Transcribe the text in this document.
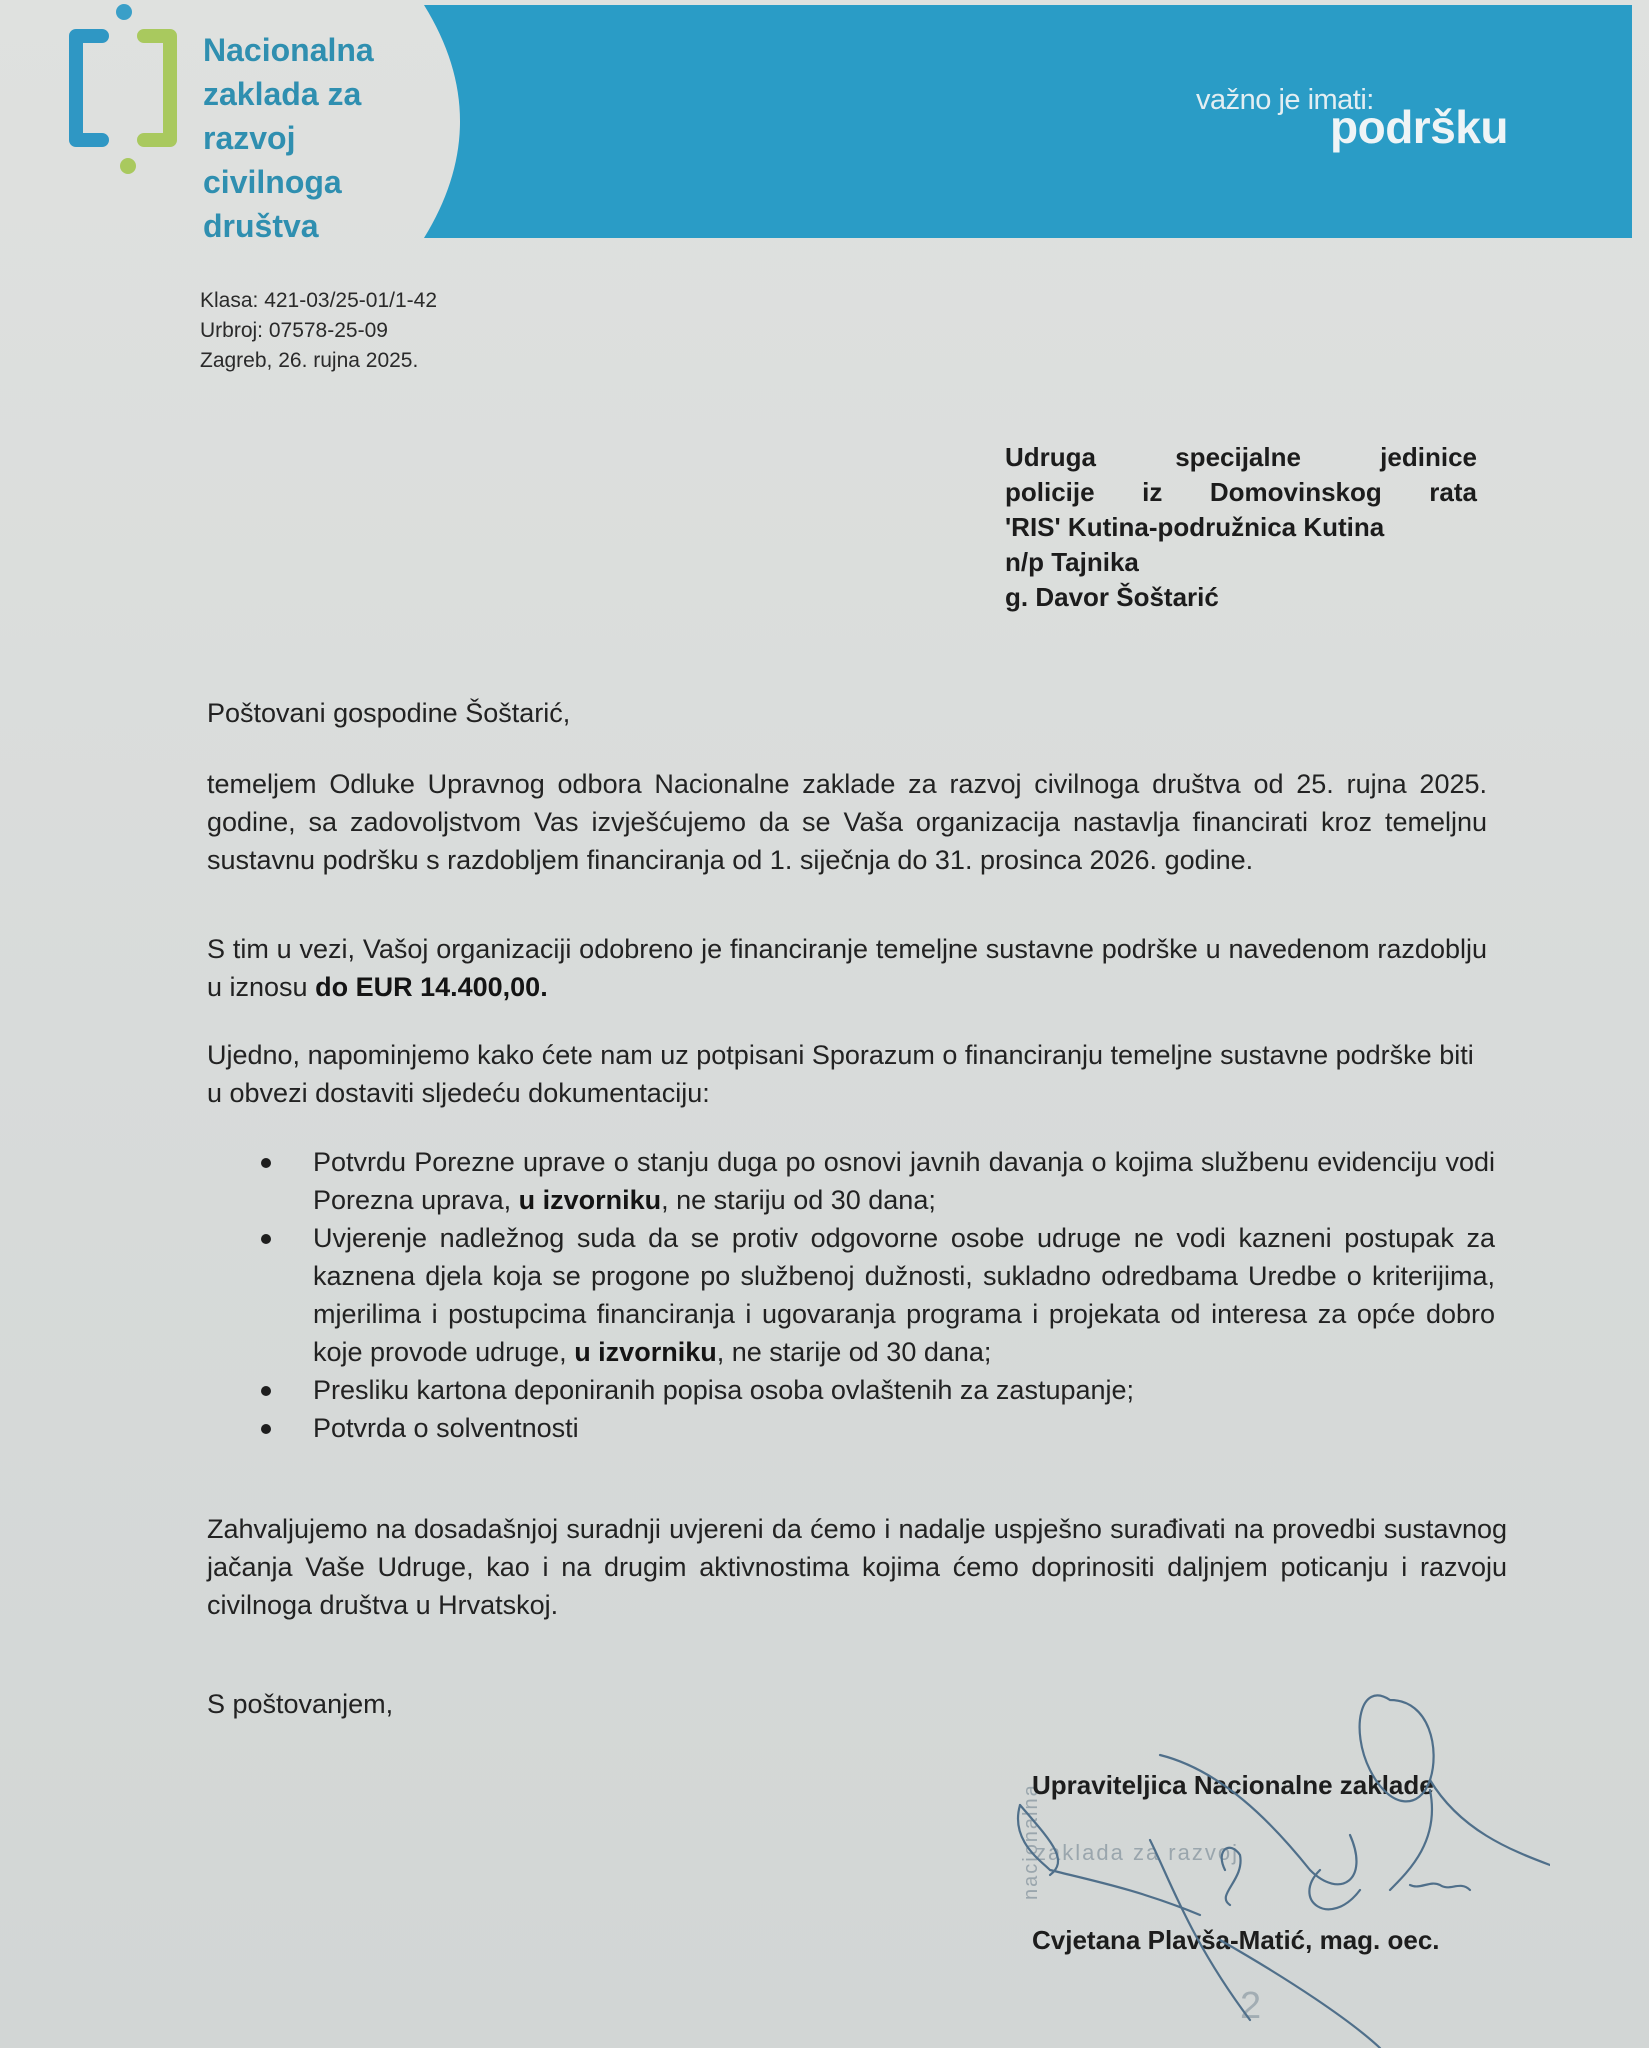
Nacionalna
zaklada za
razvoj
civilnoga
društva
važno je imati:
podršku
Klasa: 421-03/25-01/1-42
Urbroj: 07578-25-09
Zagreb, 26. rujna 2025.
Udruga specijalne jedinice
policije iz Domovinskog rata
'RIS' Kutina-podružnica Kutina
n/p Tajnika
g. Davor Šoštarić
Poštovani gospodine Šoštarić,
temeljem Odluke Upravnog odbora Nacionalne zaklade za razvoj civilnoga društva od 25. rujna 2025. godine, sa zadovoljstvom Vas izvješćujemo da se Vaša organizacija nastavlja financirati kroz temeljnu sustavnu podršku s razdobljem financiranja od 1. siječnja do 31. prosinca 2026. godine.
S tim u vezi, Vašoj organizaciji odobreno je financiranje temeljne sustavne podrške u navedenom razdoblju u iznosu do EUR 14.400,00.
Ujedno, napominjemo kako ćete nam uz potpisani Sporazum o financiranju temeljne sustavne podrške biti u obvezi dostaviti sljedeću dokumentaciju:
Potvrdu Porezne uprave o stanju duga po osnovi javnih davanja o kojima službenu evidenciju vodi Porezna uprava, u izvorniku, ne stariju od 30 dana;
Uvjerenje nadležnog suda da se protiv odgovorne osobe udruge ne vodi kazneni postupak za kaznena djela koja se progone po službenoj dužnosti, sukladno odredbama Uredbe o kriterijima, mjerilima i postupcima financiranja i ugovaranja programa i projekata od interesa za opće dobro koje provode udruge, u izvorniku, ne starije od 30 dana;
Presliku kartona deponiranih popisa osoba ovlaštenih za zastupanje;
Potvrda o solventnosti
Zahvaljujemo na dosadašnjoj suradnji uvjereni da ćemo i nadalje uspješno surađivati na provedbi sustavnog jačanja Vaše Udruge, kao i na drugim aktivnostima kojima ćemo doprinositi daljnjem poticanju i razvoju civilnoga društva u Hrvatskoj.
S poštovanjem,
zaklada za razvoj
nacionalna
2
Upraviteljica Nacionalne zaklade
Cvjetana Plavša-Matić, mag. oec.
